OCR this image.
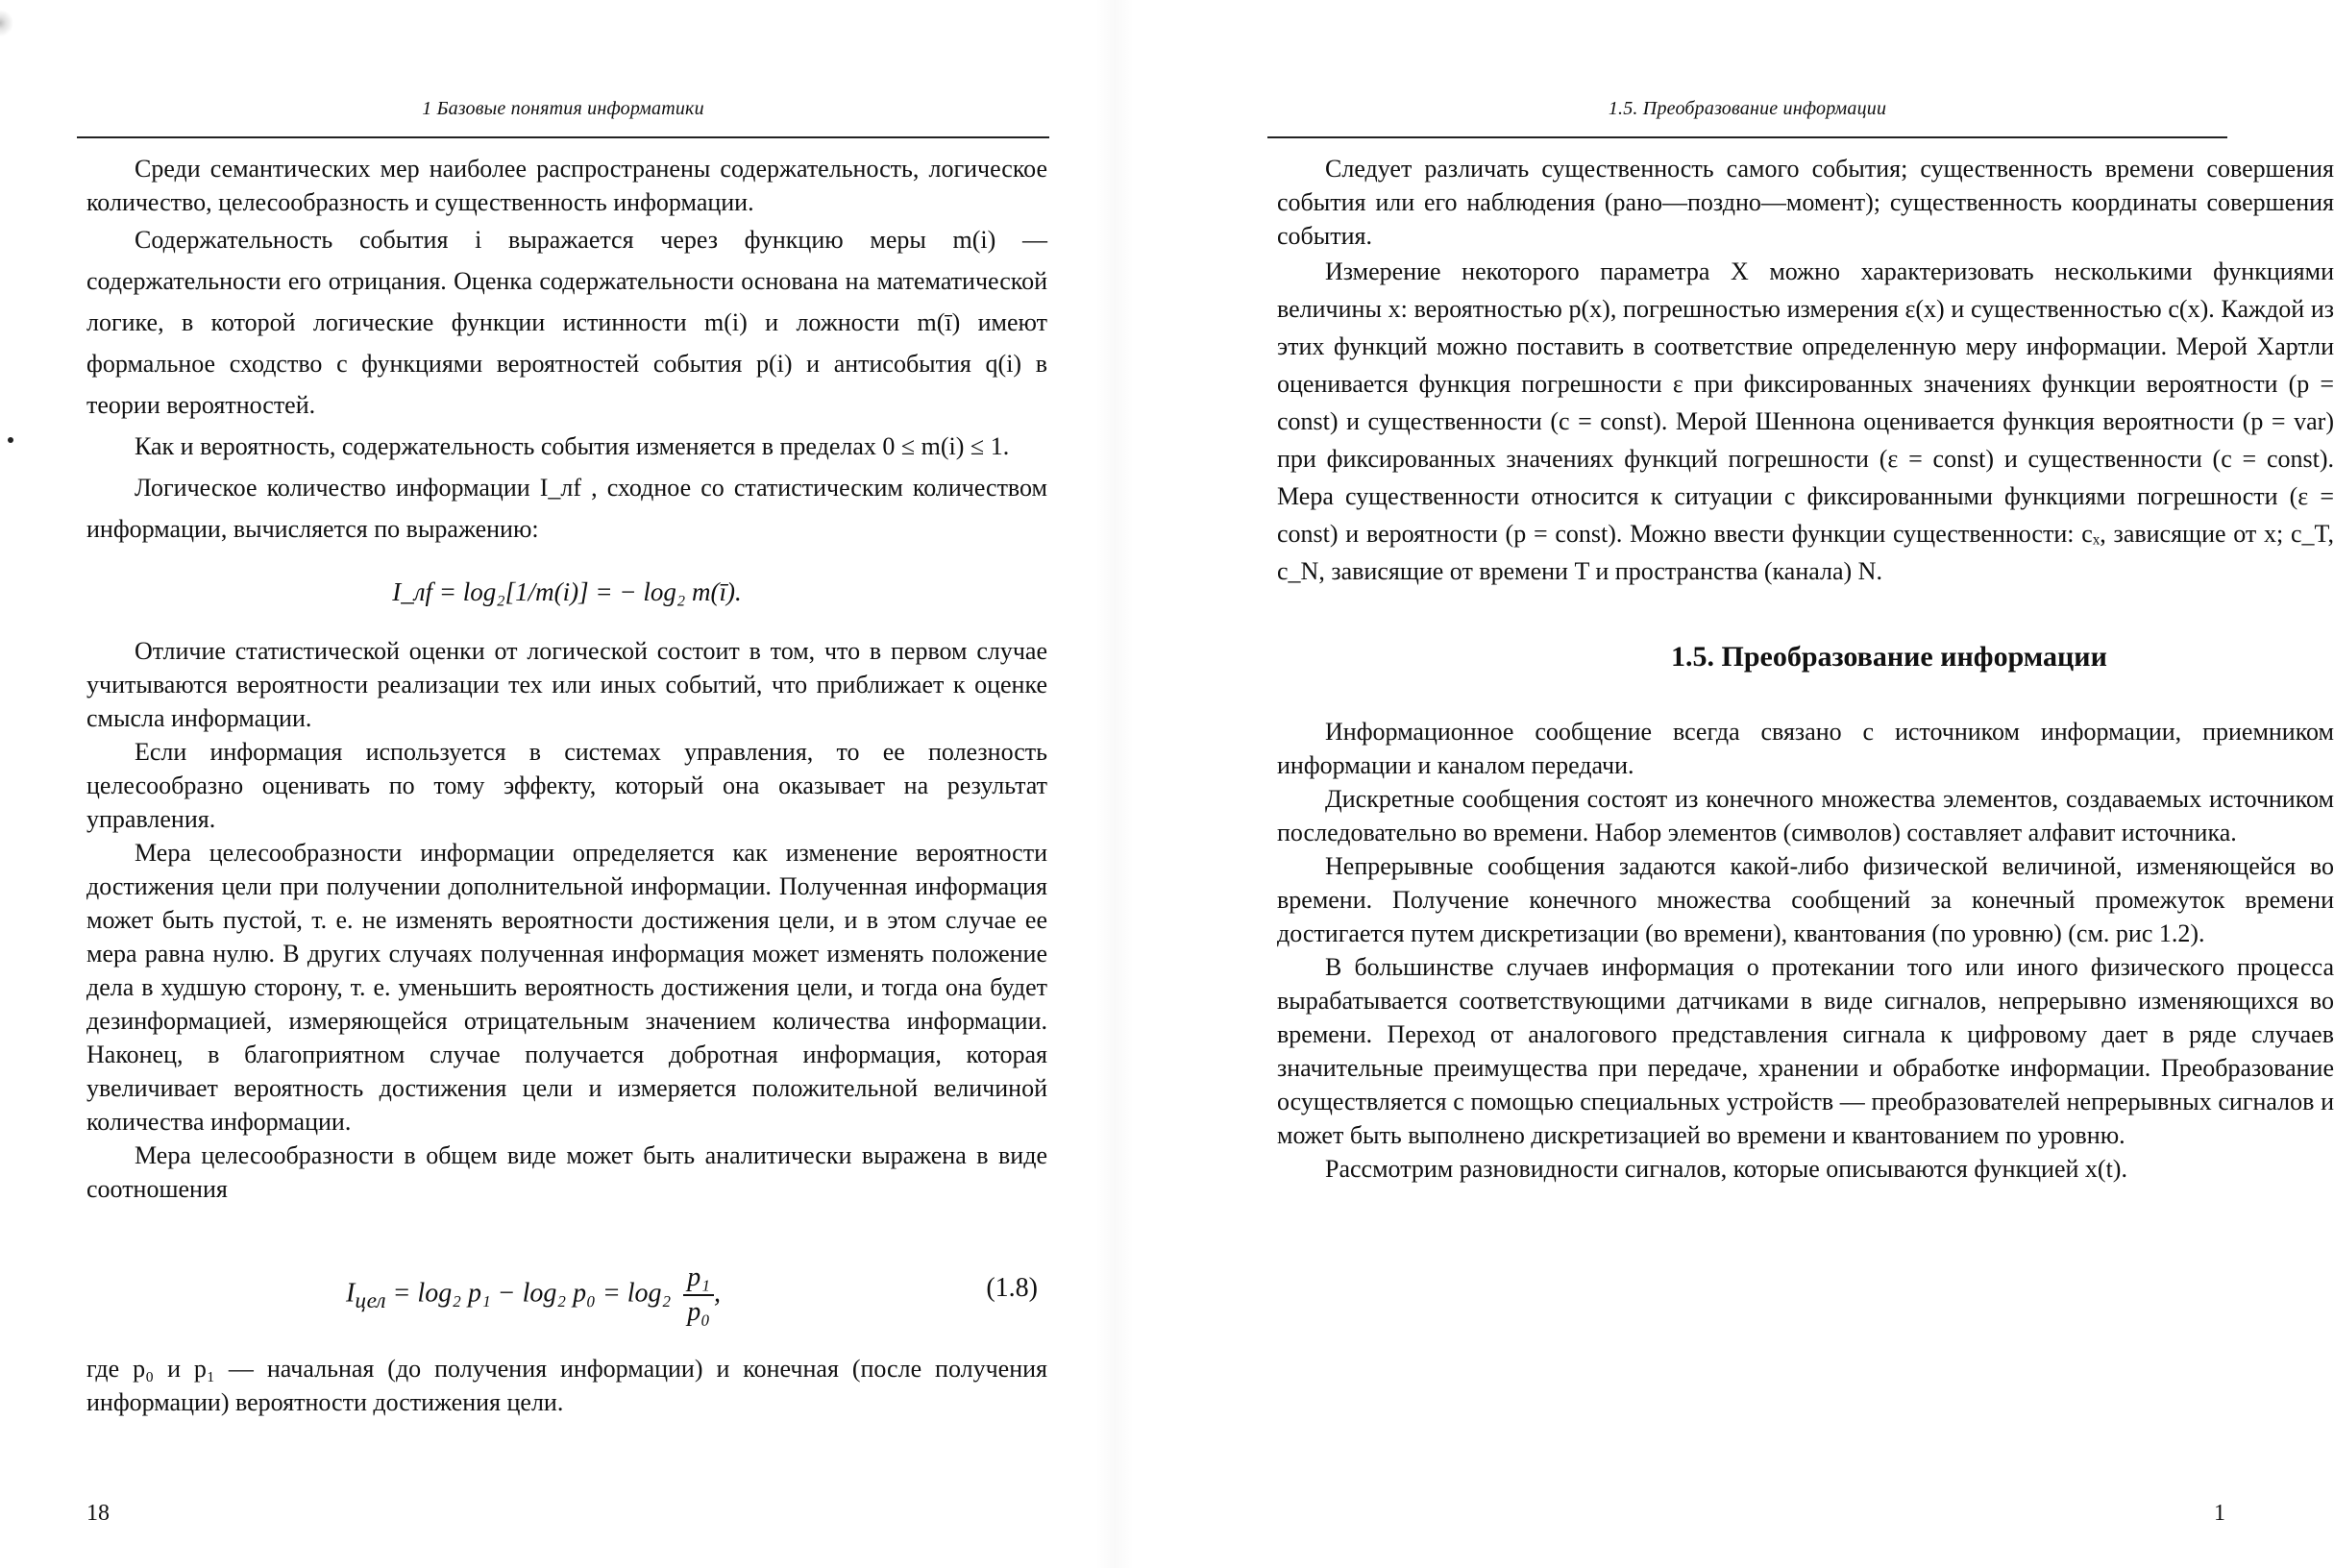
1 Базовые понятия информатики

Среди семантических мер наиболее распространены содержательность, логическое количество, целесообразность и существенность информации.

Содержательность события i выражается через функцию меры m(i) — содержательности его отрицания. Оценка содержательности основана на математической логике, в которой логические функции истинности m(i) и ложности m(ī) имеют формальное сходство с функциями вероятностей события p(i) и антисобытия q(i) в теории вероятностей.

Как и вероятность, содержательность события изменяется в пределах 0 ≤ m(i) ≤ 1.

Логическое количество информации I_лf , сходное со статистическим количеством информации, вычисляется по выражению:

I_лf = log₂[1/m(i)] = − log₂ m(ī).

Отличие статистической оценки от логической состоит в том, что в первом случае учитываются вероятности реализации тех или иных событий, что приближает к оценке смысла информации.

Если информация используется в системах управления, то ее полезность целесообразно оценивать по тому эффекту, который она оказывает на результат управления.

Мера целесообразности информации определяется как изменение вероятности достижения цели при получении дополнительной информации. Полученная информация может быть пустой, т. е. не изменять вероятности достижения цели, и в этом случае ее мера равна нулю. В других случаях полученная информация может изменять положение дела в худшую сторону, т. е. уменьшить вероятность достижения цели, и тогда она будет дезинформацией, измеряющейся отрицательным значением количества информации. Наконец, в благоприятном случае получается добротная информация, которая увеличивает вероятность достижения цели и измеряется положительной величиной количества информации.

Мера целесообразности в общем виде может быть аналитически выражена в виде соотношения

$I_{цел} = \log_2$ p₁ − log₂ $p_0 = \log_2 \frac{\text{p₁}}{\text{p₀}}$ ,	(1.8)

где p₀ и p₁ — начальная (до получения информации) и конечная (после получения информации) вероятности достижения цели.

18
1.5. Преобразование информации

Следует различать существенность самого события; существенность времени совершения события или его наблюдения (рано—поздно—момент); существенность координаты совершения события.

Измерение некоторого параметра X можно характеризовать несколькими функциями величины x: вероятностью p(x), погрешностью измерения ε(x) и существенностью c(x). Каждой из этих функций можно поставить в соответствие определенную меру информации. Мерой Хартли оценивается функция погрешности ε при фиксированных значениях функции вероятности (p = const) и существенности (c = const). Мерой Шеннона оценивается функция вероятности (p = var) при фиксированных значениях функций погрешности (ε = const) и существенности (c = const). Мера существенности относится к ситуации с фиксированными функциями погрешности (ε = const) и вероятности (p = const). Можно ввести функции существенности: cₓ, зависящие от x; c_T, c_N, зависящие от времени T и пространства (канала) N.

1.5. Преобразование информации

Информационное сообщение всегда связано с источником информации, приемником информации и каналом передачи.

Дискретные сообщения состоят из конечного множества элементов, создаваемых источником последовательно во времени. Набор элементов (символов) составляет алфавит источника.

Непрерывные сообщения задаются какой-либо физической величиной, изменяющейся во времени. Получение конечного множества сообщений за конечный промежуток времени достигается путем дискретизации (во времени), квантования (по уровню) (см. рис 1.2).

В большинстве случаев информация о протекании того или иного физического процесса вырабатывается соответствующими датчиками в виде сигналов, непрерывно изменяющихся во времени. Переход от аналогового представления сигнала к цифровому дает в ряде случаев значительные преимущества при передаче, хранении и обработке информации. Преобразование осуществляется с помощью специальных устройств — преобразователей непрерывных сигналов и может быть выполнено дискретизацией во времени и квантованием по уровню.

Рассмотрим разновидности сигналов, которые описываются функцией x(t).

1
